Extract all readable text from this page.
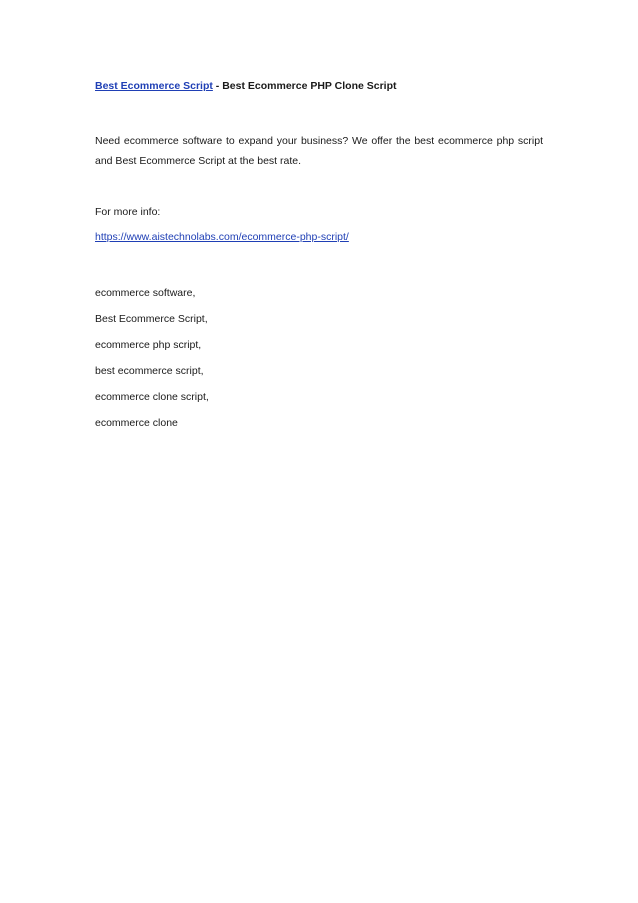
Best Ecommerce Script - Best Ecommerce PHP Clone Script
Need ecommerce software to expand your business? We offer the best ecommerce php script and Best Ecommerce Script at the best rate.
For more info:
https://www.aistechnolabs.com/ecommerce-php-script/
ecommerce software,
Best Ecommerce Script,
ecommerce php script,
best ecommerce script,
ecommerce clone script,
ecommerce clone
